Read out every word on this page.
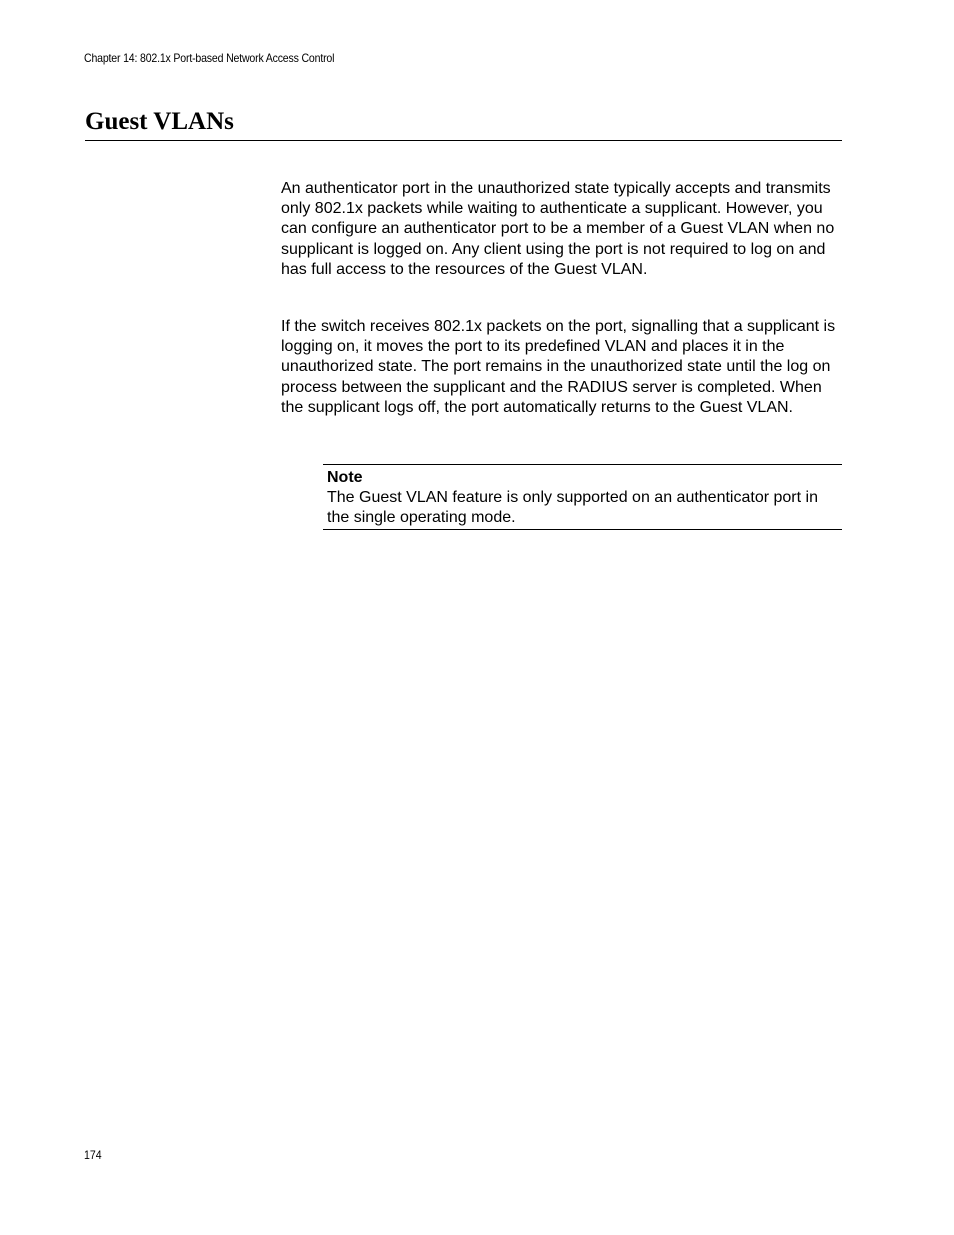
Chapter 14: 802.1x Port-based Network Access Control
Guest VLANs

An authenticator port in the unauthorized state typically accepts and transmits only 802.1x packets while waiting to authenticate a supplicant. However, you can configure an authenticator port to be a member of a Guest VLAN when no supplicant is logged on. Any client using the port is not required to log on and has full access to the resources of the Guest VLAN.

If the switch receives 802.1x packets on the port, signalling that a supplicant is logging on, it moves the port to its predefined VLAN and places it in the unauthorized state. The port remains in the unauthorized state until the log on process between the supplicant and the RADIUS server is completed. When the supplicant logs off, the port automatically returns to the Guest VLAN.

Note

The Guest VLAN feature is only supported on an authenticator port in the single operating mode.

174
